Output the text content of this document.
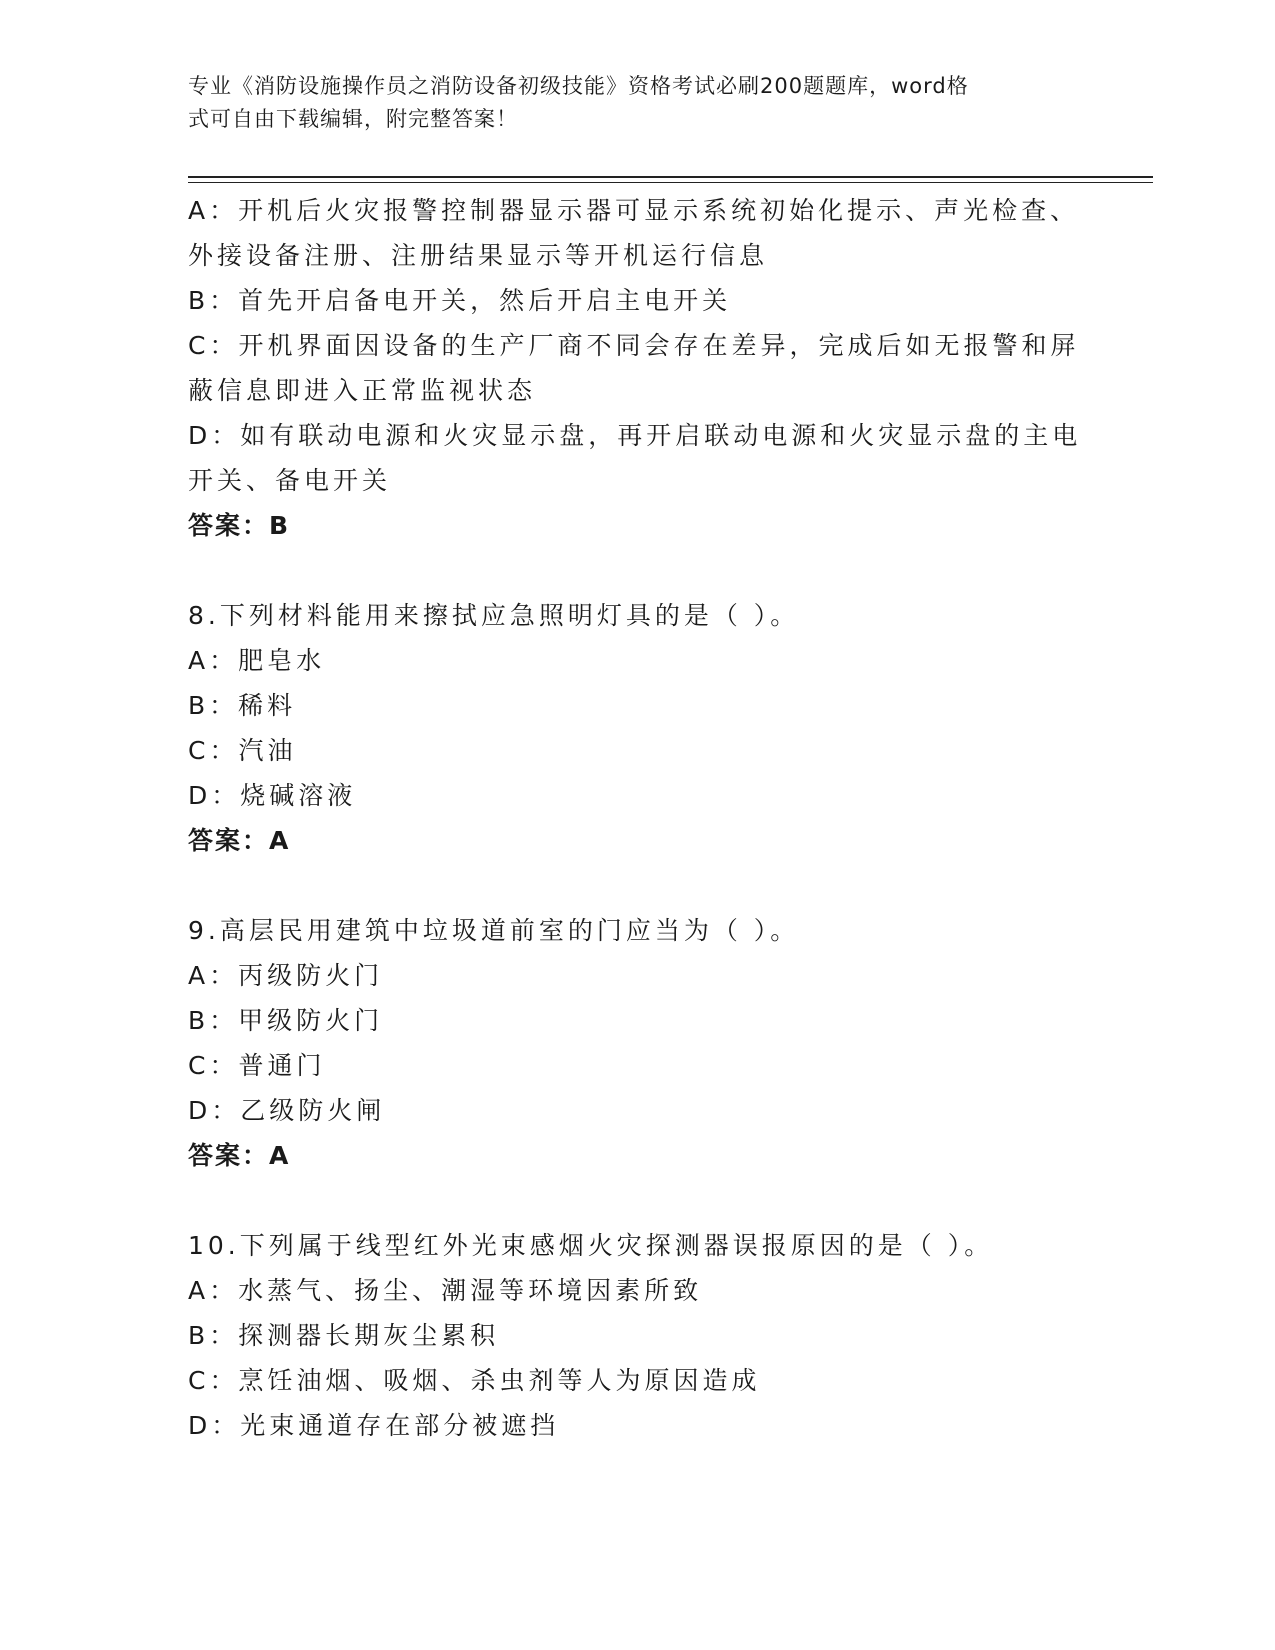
专业《消防设施操作员之消防设备初级技能》资格考试必刷200题题库，word格
式可自由下载编辑，附完整答案！
A：开机后火灾报警控制器显示器可显示系统初始化提示、声光检查、
外接设备注册、注册结果显示等开机运行信息
B：首先开启备电开关，然后开启主电开关
C：开机界面因设备的生产厂商不同会存在差异，完成后如无报警和屏
蔽信息即进入正常监视状态
D：如有联动电源和火灾显示盘，再开启联动电源和火灾显示盘的主电
开关、备电开关
答案：B
8.下列材料能用来擦拭应急照明灯具的是（ ）。
A：肥皂水
B：稀料
C：汽油
D：烧碱溶液
答案：A
9.高层民用建筑中垃圾道前室的门应当为（ ）。
A：丙级防火门
B：甲级防火门
C：普通门
D：乙级防火闸
答案：A
10.下列属于线型红外光束感烟火灾探测器误报原因的是（ ）。
A：水蒸气、扬尘、潮湿等环境因素所致
B：探测器长期灰尘累积
C：烹饪油烟、吸烟、杀虫剂等人为原因造成
D：光束通道存在部分被遮挡
